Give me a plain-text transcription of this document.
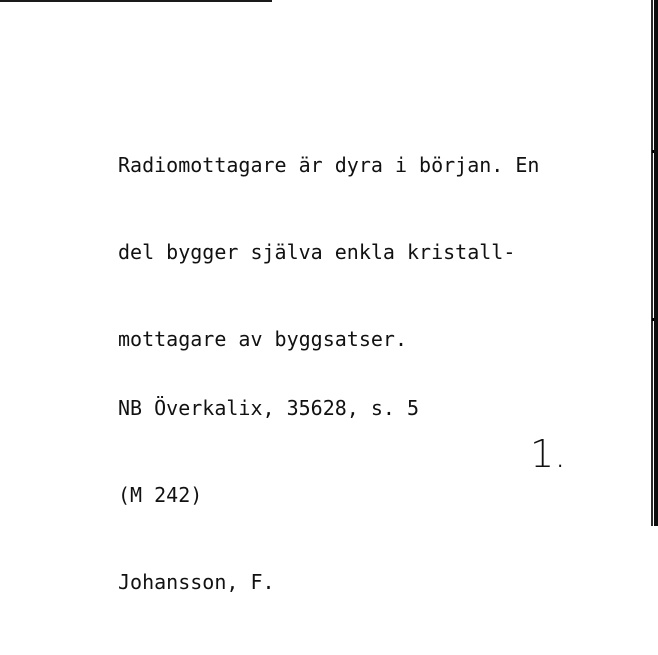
Radiomottagare är dyra i början. En

del bygger själva enkla kristall-

mottagare av byggsatser.

NB Överkalix, 35628, s. 5

(M 242)

Johansson, F.

1.
